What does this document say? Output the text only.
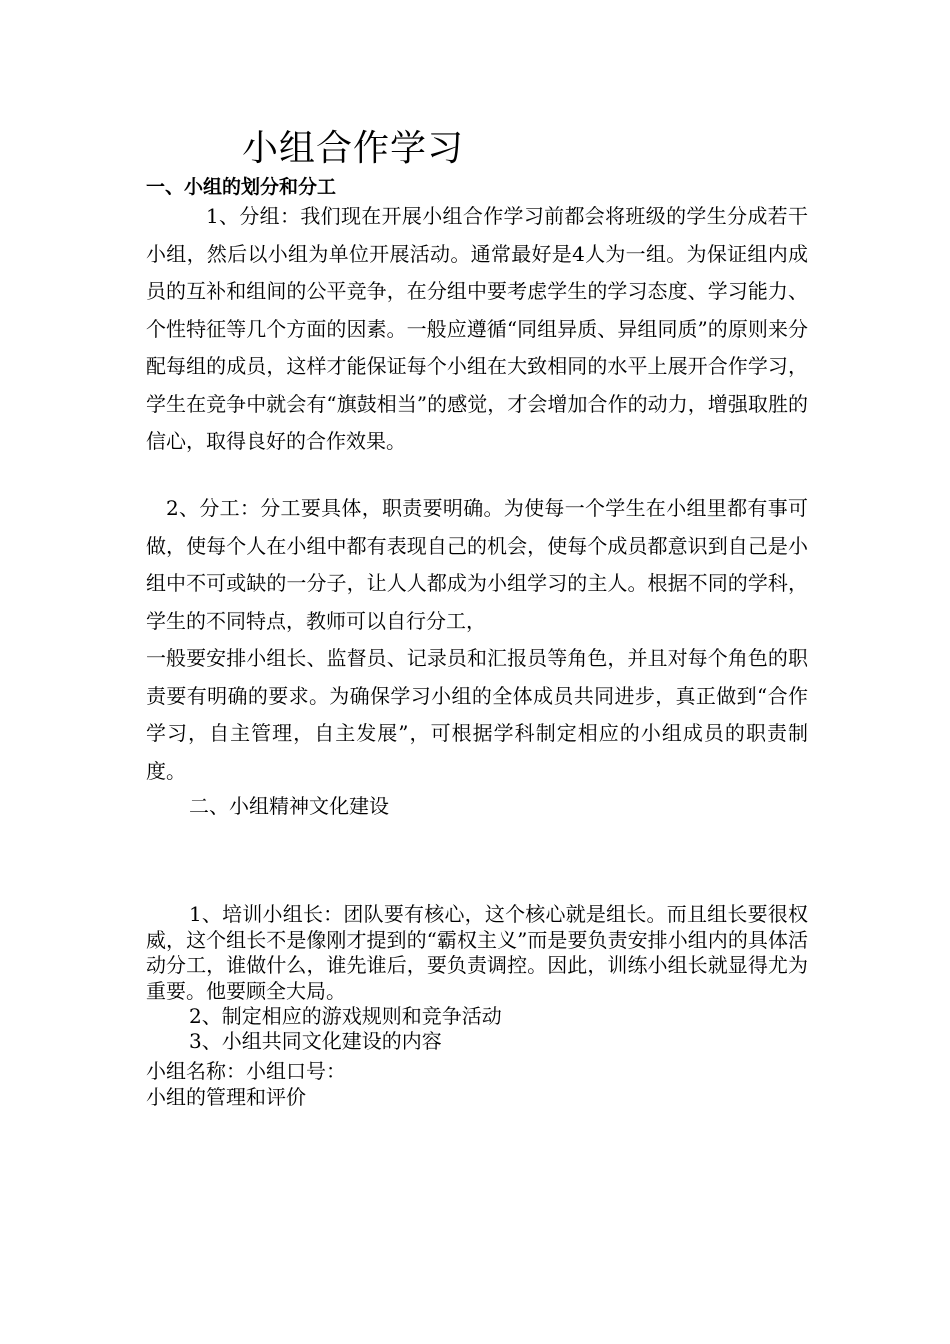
小组合作学习
一、小组的划分和分工
1、分组：我们现在开展小组合作学习前都会将班级的学生分成若干小组，然后以小组为单位开展活动。通常最好是4人为一组。为保证组内成员的互补和组间的公平竞争，在分组中要考虑学生的学习态度、学习能力、个性特征等几个方面的因素。一般应遵循“同组异质、异组同质”的原则来分配每组的成员，这样才能保证每个小组在大致相同的水平上展开合作学习，学生在竞争中就会有“旗鼓相当”的感觉，才会增加合作的动力，增强取胜的信心，取得良好的合作效果。
2、分工：分工要具体，职责要明确。为使每一个学生在小组里都有事可做，使每个人在小组中都有表现自己的机会，使每个成员都意识到自己是小组中不可或缺的一分子，让人人都成为小组学习的主人。根据不同的学科，学生的不同特点，教师可以自行分工，
一般要安排小组长、监督员、记录员和汇报员等角色，并且对每个角色的职责要有明确的要求。为确保学习小组的全体成员共同进步，真正做到“合作学习，自主管理，自主发展”，可根据学科制定相应的小组成员的职责制度。
二、小组精神文化建设
1、培训小组长：团队要有核心，这个核心就是组长。而且组长要很权威，这个组长不是像刚才提到的“霸权主义”而是要负责安排小组内的具体活动分工，谁做什么，谁先谁后，要负责调控。因此，训练小组长就显得尤为重要。他要顾全大局。
2、制定相应的游戏规则和竞争活动
3、小组共同文化建设的内容
小组名称：小组口号：
小组的管理和评价
